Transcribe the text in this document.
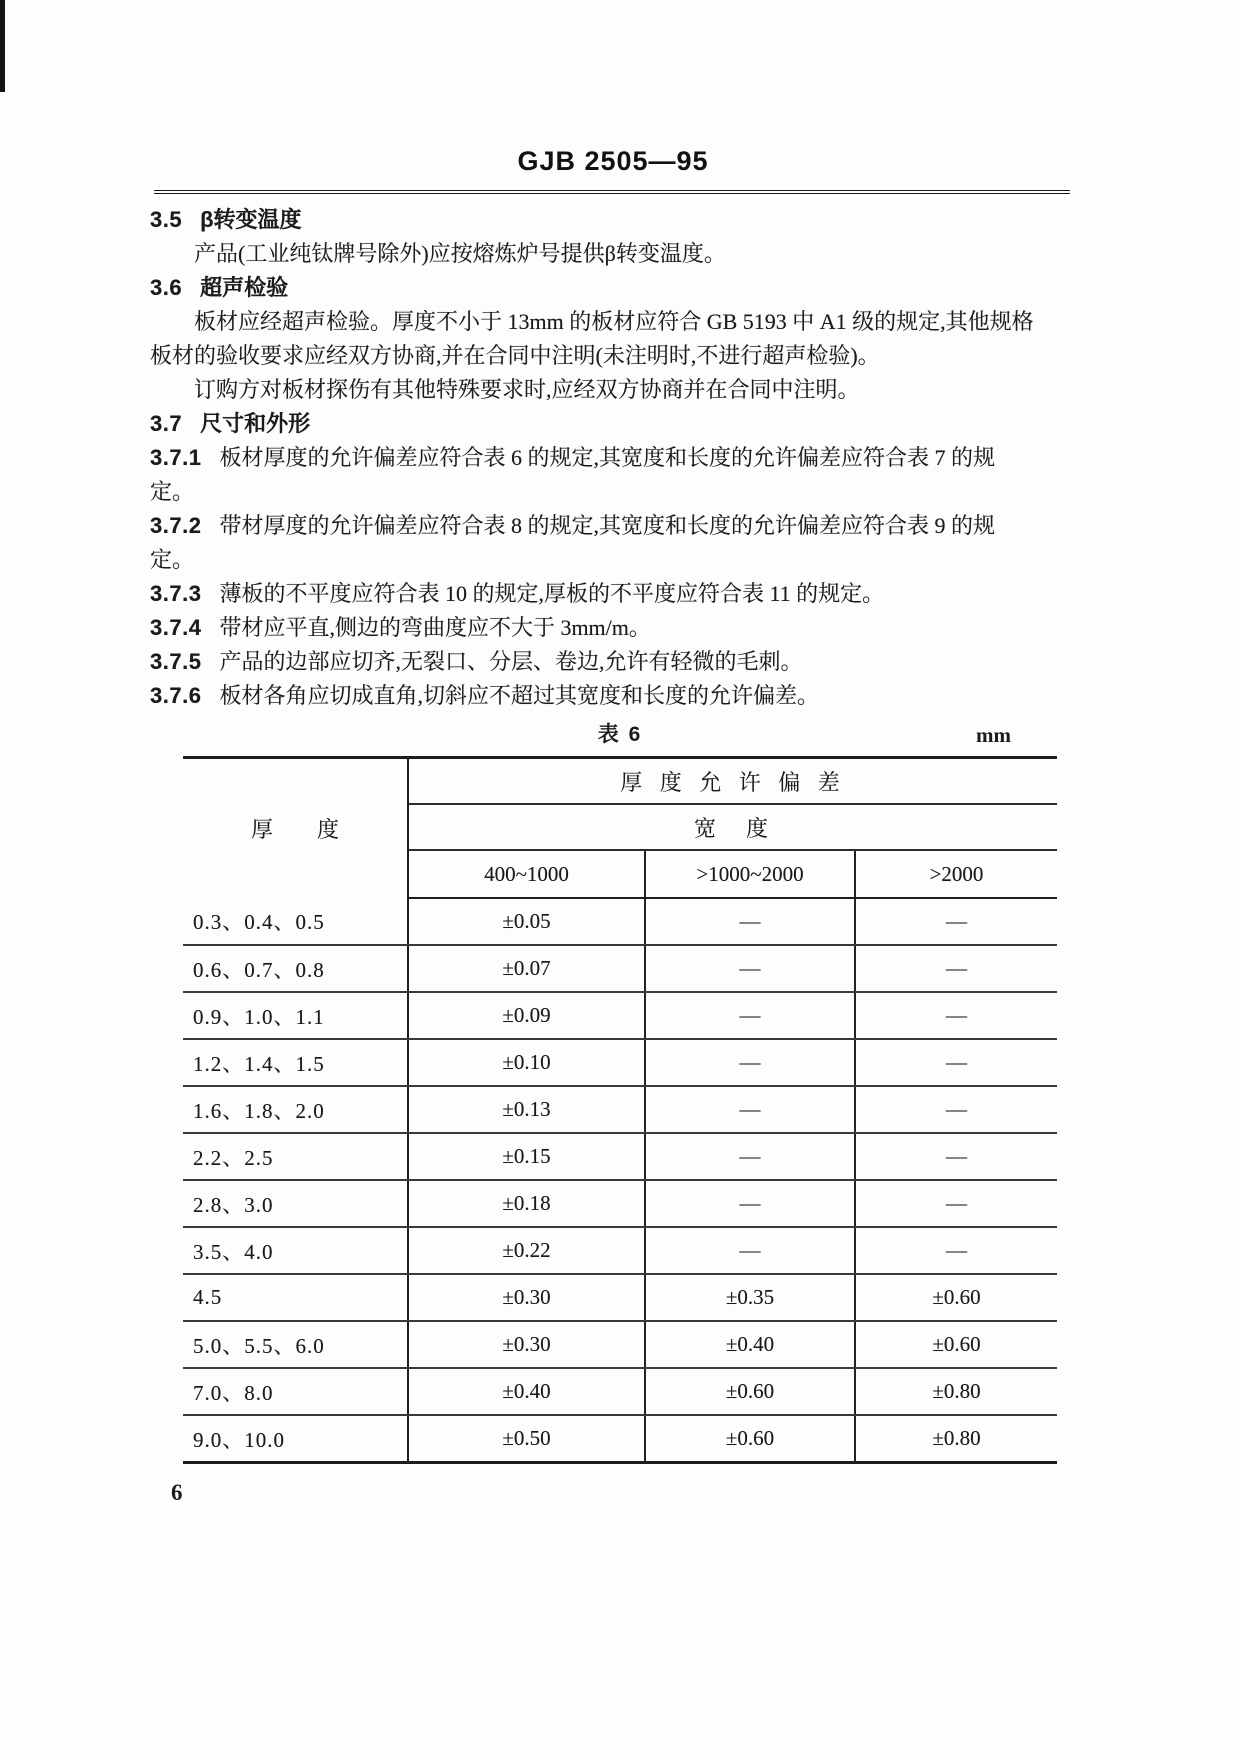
GJB 2505—95
3.5 β转变温度
产品(工业纯钛牌号除外)应按熔炼炉号提供β转变温度。
3.6 超声检验
板材应经超声检验。厚度不小于 13mm 的板材应符合 GB 5193 中 A1 级的规定,其他规格
板材的验收要求应经双方协商,并在合同中注明(未注明时,不进行超声检验)。
订购方对板材探伤有其他特殊要求时,应经双方协商并在合同中注明。
3.7 尺寸和外形
3.7.1 板材厚度的允许偏差应符合表 6 的规定,其宽度和长度的允许偏差应符合表 7 的规
定。
3.7.2 带材厚度的允许偏差应符合表 8 的规定,其宽度和长度的允许偏差应符合表 9 的规
定。
3.7.3 薄板的不平度应符合表 10 的规定,厚板的不平度应符合表 11 的规定。
3.7.4 带材应平直,侧边的弯曲度应不大于 3mm/m。
3.7.5 产品的边部应切齐,无裂口、分层、卷边,允许有轻微的毛刺。
3.7.6 板材各角应切成直角,切斜应不超过其宽度和长度的允许偏差。
表 6	mm
厚　　度	厚 度 允 许 偏 差		
	宽　度		
	400~1000	>1000~2000	>2000
0.3、0.4、0.5	±0.05	—	—
0.6、0.7、0.8	±0.07	—	—
0.9、1.0、1.1	±0.09	—	—
1.2、1.4、1.5	±0.10	—	—
1.6、1.8、2.0	±0.13	—	—
2.2、2.5	±0.15	—	—
2.8、3.0	±0.18	—	—
3.5、4.0	±0.22	—	—
4.5	±0.30	±0.35	±0.60
5.0、5.5、6.0	±0.30	±0.40	±0.60
7.0、8.0	±0.40	±0.60	±0.80
9.0、10.0	±0.50	±0.60	±0.80
6
